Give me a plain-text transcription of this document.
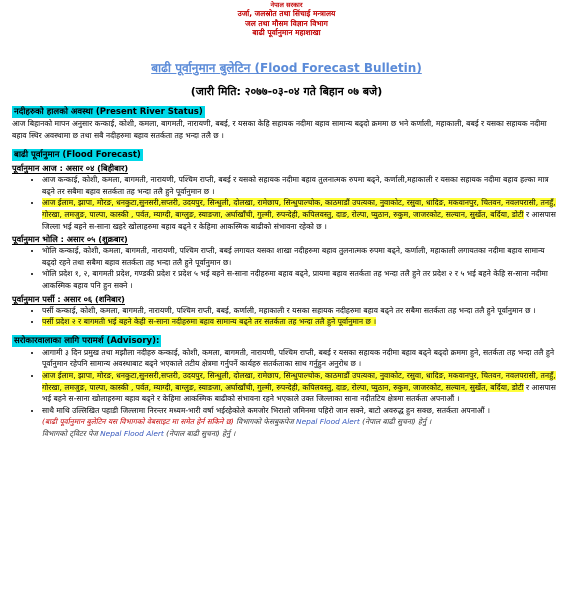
नेपाल सरकार
उर्जा, जलस्रोत तथा सिंचाई मन्त्रालय
जल तथा मौसम विज्ञान विभाग
बाढी पूर्वानुमान महाशाखा
बाढी पूर्वानुमान बुलेटिन (Flood Forecast Bulletin)
(जारी मिति: २०७७-०३-०४ गते बिहान ०७ बजे)
नदीहरुको हालको अवस्था (Present River Status)

आज बिहानको मापन अनुसार कन्काई, कोशी, कमला, बागमती, नारायणी, बबई, र यसका केहि सहायक नदीमा बहाव सामान्य बढ्दो क्रममा छ भने कर्णाली, महाकाली, बबई र यसका सहायक नदीमा बहाव स्थिर अवस्थामा छ तथा सबै नदीहरुमा बहाव सतर्कता तह भन्दा तलै छ ।

बाढी पूर्वानुमान (Flood Forecast)
पूर्वानुमान आज : असार ०४ (बिहीबार)
• आज कन्काई, कोशी, कमला, बागमती, नारायणी, पश्चिम राप्ती, बबई र यसको सहायक नदीमा बहाव तुलनात्मक रुपमा बढ्ने, कर्णाली,महाकाली र यसका सहायक नदीमा बहाव हल्का मात्र बढ्ने तर सबैमा बहाव सतर्कता तह भन्दा तलै हुने पूर्वानुमान छ ।
• आज ईलाम, झापा, मोरङ, धनकुटा,सुनसरी,सप्तरी, उदयपुर, सिन्धुली, दोलखा, रामेछाप, सिन्धुपाल्चोक, काठमाडौं उपत्यका, नुवाकोट, रसुवा, धादिङ, मकवानपुर, चितवन, नवलपरासी, तनहुँ, गोरखा, लमजुङ, पाल्पा, कास्की , पर्वत, म्याग्दी, बाग्लुङ, स्याङजा, अर्घाखाँची, गुल्मी, रुपन्देही, कपिलवस्तु, दाङ, रोल्पा, प्युठान, रुकुम, जाजरकोट, सल्यान, सुर्खेत, बर्दिया, डोटी र आसपास जिल्ला भई बहने स-साना खहरे खोलाहरुमा बहाव बढ्ने र केहिमा आकस्मिक बाढीको संभावना रहेको छ ।
पूर्वानुमान भोलि : असार ०५ (शुक्रबार)
• भोलि कन्काई, कोशी, कमला, बागमती, नारायणी, पश्चिम राप्ती, बबई लगायत यसका शाखा नदीहरुमा बहाव तुलनात्मक रुपमा बढ्ने, कर्णाली, महाकाली लगायतका नदीमा बहाव सामान्य बढ्दो रहने तथा सबैमा बहाव सतर्कता तह भन्दा तलै हुने पूर्वानुमान छ।
• भोलि प्रदेश १, २, बागमती प्रदेश, गण्डकी प्रदेश र प्रदेश ५ भई बहने स-साना नदीहरुमा बहाव बढ्ने, प्रायमा बहाव सतर्कता तह भन्दा तलै हुने तर प्रदेश २ र ५ भई बहने केहि स-साना नदीमा आकस्मिक बहाव पनि हुन सक्ने ।
पूर्वानुमान पर्सी : असार ०६ (शनिबार)
• पर्सी कन्काई, कोशी, कमला, बागमती, नारायणी, पश्चिम राप्ती, बबई, कर्णाली, महाकाली र यसका सहायक नदीहरुमा बहाव बढ्ने तर सबैमा सतर्कता तह भन्दा तलै हुने पूर्वानुमान छ ।
• पर्सी प्रदेश २ र बागमती भई बहने केही स-साना नदीहरुमा बहाव सामान्य बढ्ने तर सतर्कता तह भन्दा तलै हुने पूर्वानुमान छ ।
सरोकारवालाका लागि परामर्श (Advisory):
• आगामी ३ दिन प्रमुख तथा मझौला नदीहरु कन्काई, कोशी, कमला, बागमती, नारायणी, पश्चिम राप्ती, बबई र यसका सहायक नदीमा बहाव बढ्ने बढ्दो क्रममा हुने, सतर्कता तह भन्दा तलै हुने पूर्वानुमान रहेपनि सामान्य अवस्थाबाट बढ्ने भएकाले तटीय क्षेत्रमा गर्नुपर्ने कार्यहरु सतर्कताका साथ गर्नुहुन अनुरोध छ ।
• आज ईलाम, झापा, मोरङ, धनकुटा,सुनसरी,सप्तरी, उदयपुर, सिन्धुली, दोलखा, रामेछाप, सिन्धुपाल्चोक, काठमाडौं उपत्यका, नुवाकोट, रसुवा, धादिङ, मकवानपुर, चितवन, नवलपरासी, तनहुँ, गोरखा, लमजुङ, पाल्पा, कास्की , पर्वत, म्याग्दी, बाग्लुङ, स्याङजा, अर्घाखाँची, गुल्मी, रुपन्देही, कपिलवस्तु, दाङ, रोल्पा, प्युठान, रुकुम, जाजरकोट, सल्यान, सुर्खेत, बर्दिया, डोटी र आसपास भई बहने स-साना खोलाहरुमा बहाव बढ्ने र केहिमा आकस्मिक बाढीको संभावना रहने भएकाले उक्त जिल्लाका साना नदीतटिय क्षेत्रमा सतर्कता अपनाऔं ।
• साथै माथि उल्लिखित पहाडी जिल्लामा निरन्तर मध्यम-भारी वर्षा भईरहेकोले कमजोर भिरालो जमिनमा पहिरो जान सक्ने, बाटो अवरुद्ध हुन सक्छ, सतर्कता अपनाऔं ।
(बाढी पूर्वानुमान बुलेटिन यस विभागको वेबसाइट मा समेत हेर्न सकिने छ) विभागको फेसबुकपेज Nepal Flood Alert (नेपाल बाढी सुचना) हेर्नु ।
विभागको ट्विटर पेज Nepal Flood Alert (नेपाल बाढी सुचना) हेर्नु ।
